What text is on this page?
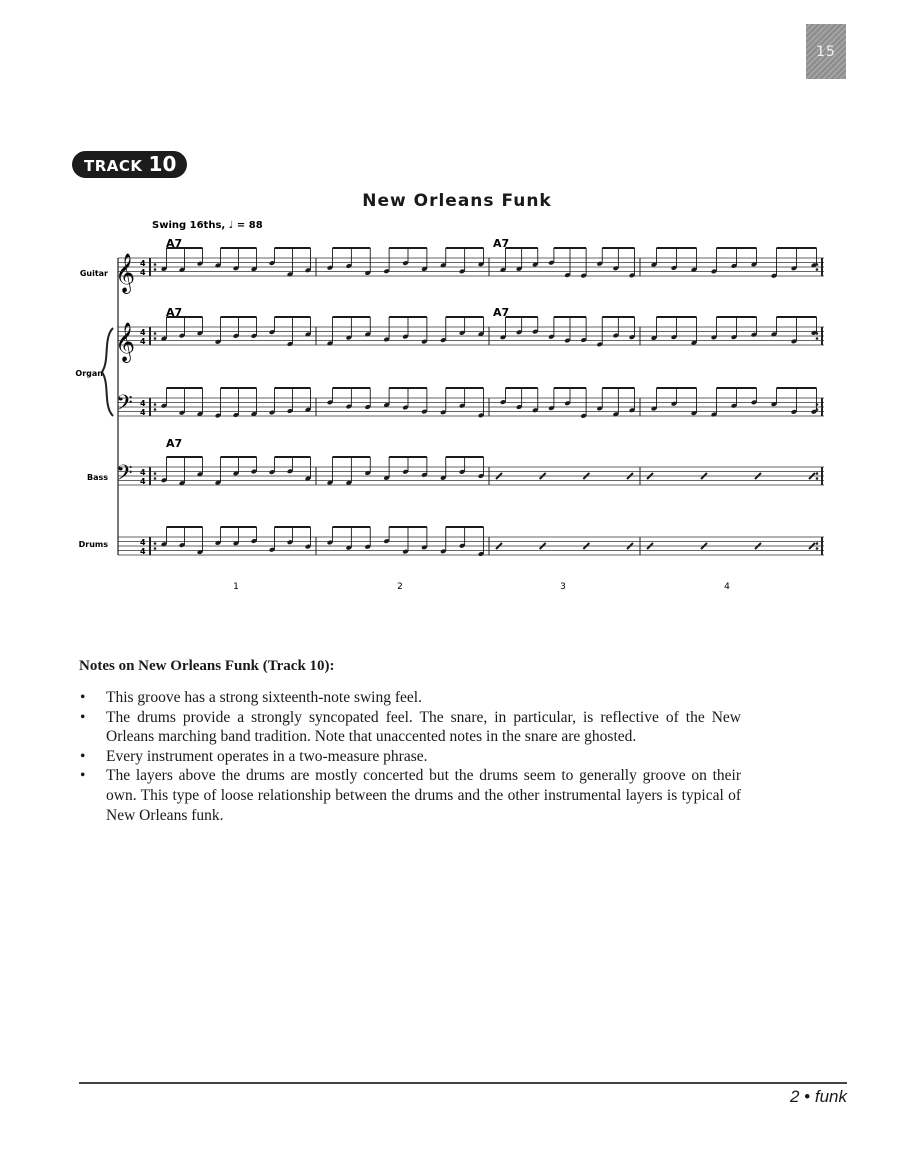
15
TRACK 10
New Orleans Funk
Swing 16ths, ♩ = 88
Guitar
Organ
Bass
Drums
A7	A7
A7	A7
A7
𝄞
𝄞
𝄢
𝄢
1	2	3	4
4
4
4
4
4
4
4
4
4
4
Notes on New Orleans Funk (Track 10):
• This groove has a strong sixteenth-note swing feel.
• The drums provide a strongly syncopated feel. The snare, in particular, is reflective of the New Orleans marching band tradition. Note that unaccented notes in the snare are ghosted.
• Every instrument operates in a two-measure phrase.
• The layers above the drums are mostly concerted but the drums seem to generally groove on their own. This type of loose relationship between the drums and the other instrumental layers is typical of New Orleans funk.
2 • funk
